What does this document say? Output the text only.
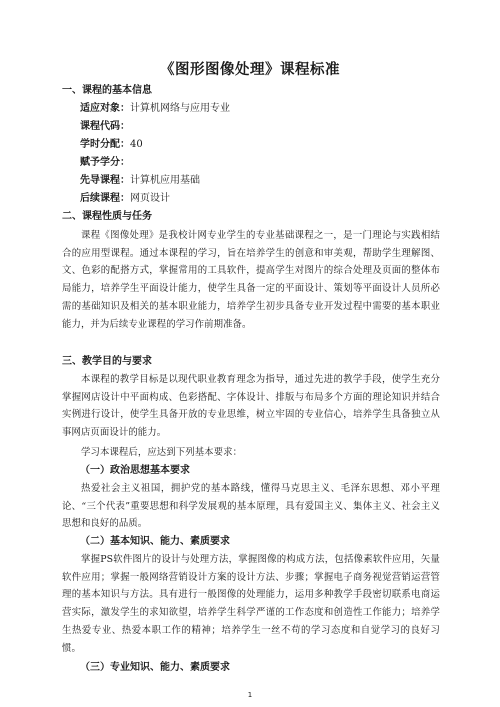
《图形图像处理》课程标准
一、课程的基本信息
适应对象：计算机网络与应用专业
课程代码：
学时分配：40
赋予学分：
先导课程：计算机应用基础
后续课程：网页设计
二、课程性质与任务
课程《图像处理》是我校计网专业学生的专业基础课程之一，是一门理论与实践相结合的应用型课程。通过本课程的学习，旨在培养学生的创意和审美观，帮助学生理解图、文、色彩的配搭方式，掌握常用的工具软件，提高学生对图片的综合处理及页面的整体布局能力，培养学生平面设计能力，使学生具备一定的平面设计、策划等平面设计人员所必需的基础知识及相关的基本职业能力，培养学生初步具备专业开发过程中需要的基本职业能力，并为后续专业课程的学习作前期准备。
三、教学目的与要求
本课程的教学目标是以现代职业教育理念为指导，通过先进的教学手段，使学生充分掌握网店设计中平面构成、色彩搭配、字体设计、排版与布局多个方面的理论知识并结合实例进行设计，使学生具备开放的专业思维，树立牢固的专业信心，培养学生具备独立从事网店页面设计的能力。
学习本课程后，应达到下列基本要求：
（一）政治思想基本要求
热爱社会主义祖国，拥护党的基本路线，懂得马克思主义、毛泽东思想、邓小平理论、“三个代表”重要思想和科学发展观的基本原理，具有爱国主义、集体主义、社会主义思想和良好的品质。
（二）基本知识、能力、素质要求
掌握PS软件图片的设计与处理方法，掌握图像的构成方法，包括像素软件应用，矢量软件应用；掌握一般网络营销设计方案的设计方法、步骤；掌握电子商务视觉营销运营管理的基本知识与方法。具有进行一般图像的处理能力，运用多种教学手段密切联系电商运营实际，激发学生的求知欲望，培养学生科学严谨的工作态度和创造性工作能力；培养学生热爱专业、热爱本职工作的精神；培养学生一丝不苟的学习态度和自觉学习的良好习惯。
（三）专业知识、能力、素质要求
1
